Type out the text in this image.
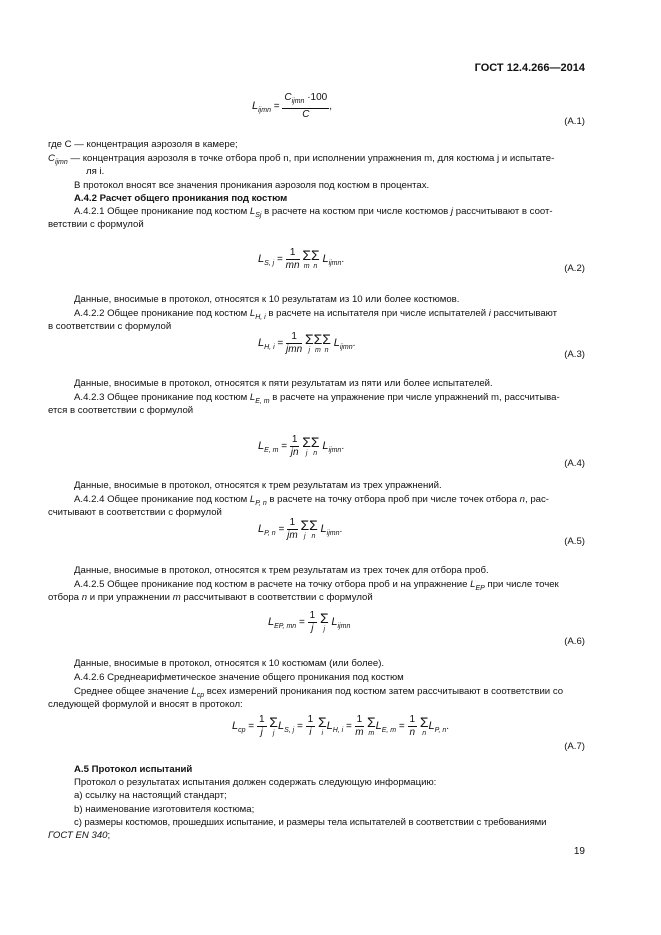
ГОСТ 12.4.266—2014
$L_{ijmn} = \frac{C_{ijmn} \cdot 100}{C}$ ,
(A.1)
где C — концентрация аэрозоля в камере;
$C_{ijmn}$ — концентрация аэрозоля в точке отбора проб n, при исполнении упражнения m, для костюма j и испытате-
ля i.
В протокол вносят все значения проникания аэрозоля под костюм в процентах.
А.4.2 Расчет общего проникания под костюм
А.4.2.1 Общее проникание под костюм $L_{Sj}$ в расчете на костюм при числе костюмов j рассчитывают в соот-
ветствии с формулой
$L_{S, j} = \frac{1}{mn}$
Σ
m
Σ
n
$L_{ijmn}$.
(A.2)
Данные, вносимые в протокол, относятся к 10 результатам из 10 или более костюмов.
А.4.2.2 Общее проникание под костюм $L_{H, i}$ в расчете на испытателя при числе испытателей i рассчитывают
в соответствии с формулой
$L_{H, i} = \frac{1}{\text{jmn}}$
Σ
j
Σ
m
Σ
n
$L_{ijmn}$.
(A.3)
Данные, вносимые в протокол, относятся к пяти результатам из пяти или более испытателей.
А.4.2.3 Общее проникание под костюм $L_{E, m}$ в расчете на упражнение при числе упражнений m, рассчитыва-
ется в соответствии с формулой
$L_{E, m} = \frac{1}{jn}$
Σ
j
Σ
n
$L_{ijmn}$.
(A.4)
Данные, вносимые в протокол, относятся к трем результатам из трех упражнений.
А.4.2.4 Общее проникание под костюм $L_{P, n}$ в расчете на точку отбора проб при числе точек отбора n, рас-
считывают в соответствии с формулой
$L_{P, n} = \frac{1}{jm}$
Σ
j
Σ
n
$L_{ijmn}$.
(A.5)
Данные, вносимые в протокол, относятся к трем результатам из трех точек для отбора проб.
А.4.2.5 Общее проникание под костюм в расчете на точку отбора проб и на упражнение $L_{EP}$ при числе точек
отбора n и при упражнении m рассчитывают в соответствии с формулой
$L_{EP, mn} = \frac{1}{j}$
Σ
j
$L_{ijmn}$
(A.6)
Данные, вносимые в протокол, относятся к 10 костюмам (или более).
А.4.2.6 Среднеарифметическое значение общего проникания под костюм
Среднее общее значение $L_{ср}$ всех измерений проникания под костюм затем рассчитывают в соответствии со
следующей формулой и вносят в протокол:
$L_{ср} = \frac{1}{j}$
Σ
j
$L_{S, j} = \frac{1}{i}$
Σ
i
$L_{H, i} = \frac{1}{m}$
Σ
m
$L_{E, m} = \frac{1}{n}$
Σ
n
$L_{P, n}$.
(A.7)
А.5 Протокол испытаний
Протокол о результатах испытания должен содержать следующую информацию:
a) ссылку на настоящий стандарт;
b) наименование изготовителя костюма;
с) размеры костюмов, прошедших испытание, и размеры тела испытателей в соответствии с требованиями
ГОСТ EN 340;
19
